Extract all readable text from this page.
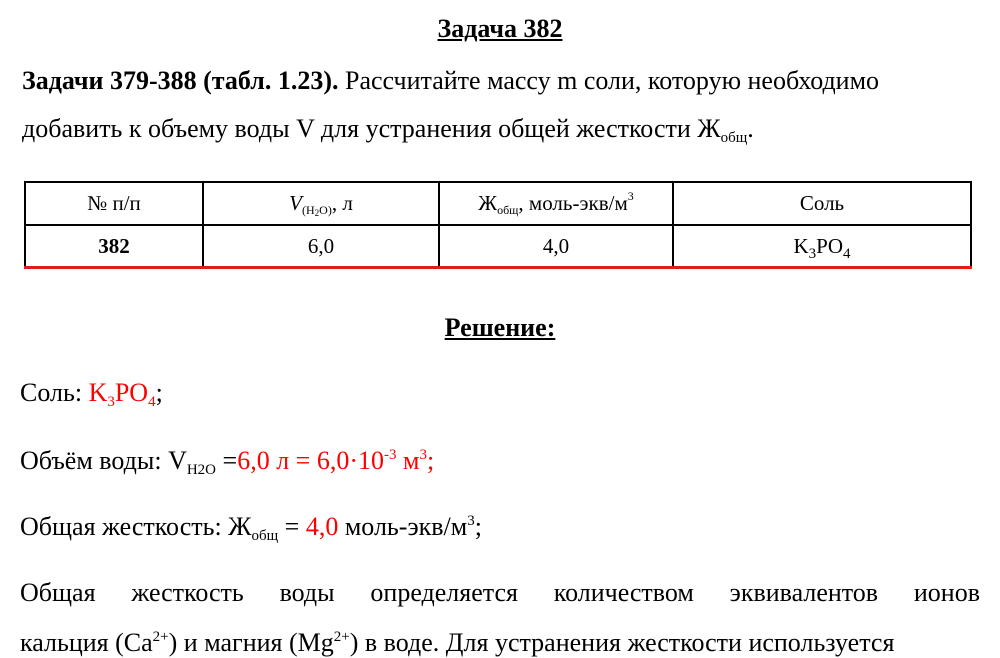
Задача 382
Задачи 379-388 (табл. 1.23). Рассчитайте массу m соли, которую необходимо
добавить к объему воды V для устранения общей жесткости $Ж_{общ}$.
№ п/п	V(H2O), л	Жобщ, моль-$экв/м^3$	Соль
382	6,0	4,0	$K_3PO_4$
Решение:
Соль: $K_3PO_4$;
Объём воды: $V_{H2O} =6,0$ $л = 6,0\cdot 10^{-3}$ $м^3$;
Общая жесткость: $Ж_{общ} = 4,0$ моль-$экв/м^3$;
Общая жесткость воды определяется количеством эквивалентов ионов
кальция $(Ca^{2+})$ и магния $(Mg^{2+})$ в воде. Для устранения жесткости используется
